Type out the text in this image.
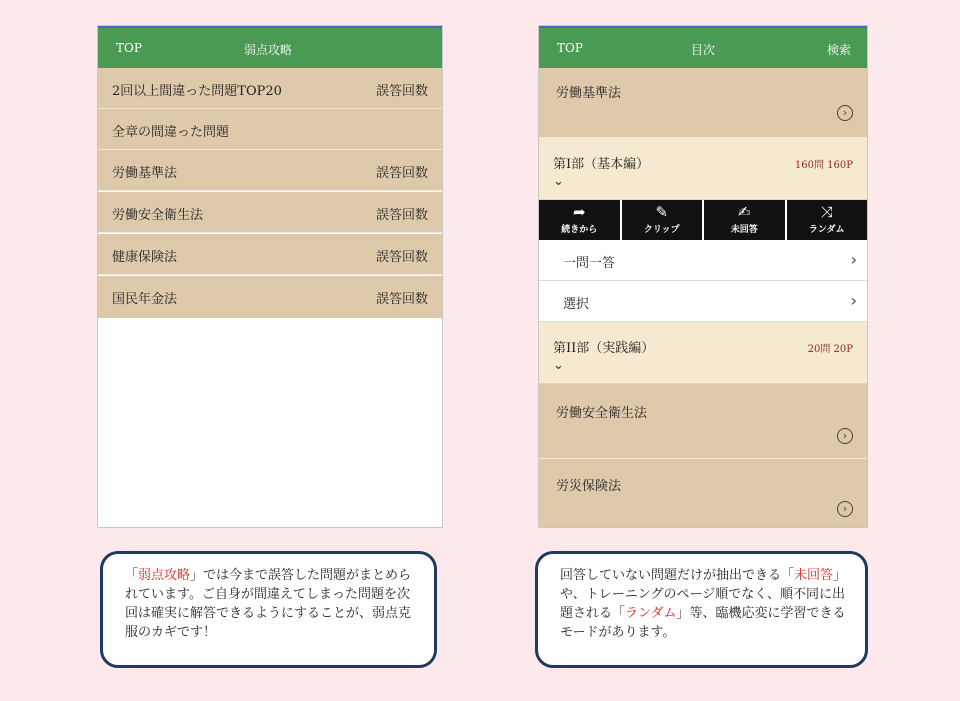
TOP	弱点攻略
2回以上間違った問題TOP20	誤答回数
全章の間違った問題
労働基準法	誤答回数
労働安全衛生法	誤答回数
健康保険法	誤答回数
国民年金法	誤答回数
TOP	目次	検索
労働基準法
›
第I部（基本編）	160問 160P
⌄
➦
続きから
✎
クリップ
✍
未回答
⤨
ランダム
一問一答	›
選択	›
第II部（実践編）	20問 20P
⌄
労働安全衛生法
›
労災保険法
›
「弱点攻略」では今まで誤答した問題がまとめられています。ご自身が間違えてしまった問題を次回は確実に解答できるようにすることが、弱点克服のカギです！
回答していない問題だけが抽出できる「未回答」や、トレーニングのページ順でなく、順不同に出題される「ランダム」等、臨機応変に学習できるモードがあります。
